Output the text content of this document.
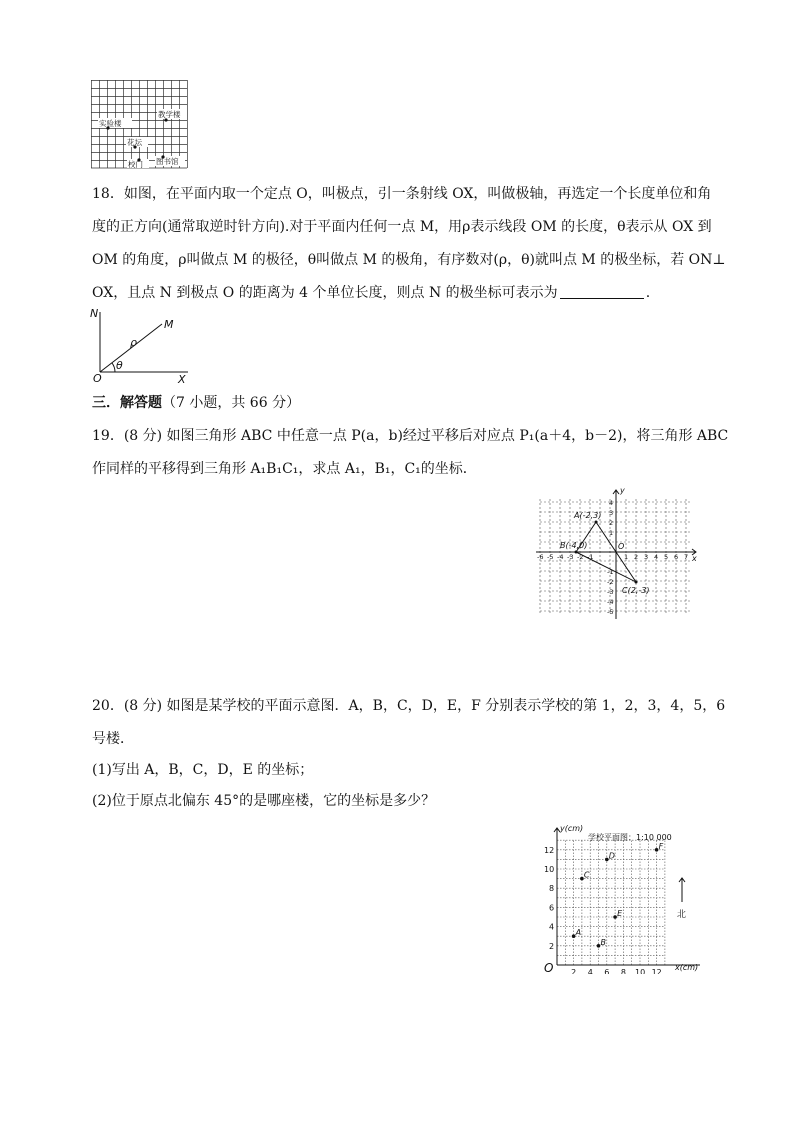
实验楼
教学楼
花坛
校门 图书馆
18．如图，在平面内取一个定点 O，叫极点，引一条射线 OX，叫做极轴，再选定一个长度单位和角
度的正方向(通常取逆时针方向).对于平面内任何一点 M，用ρ表示线段 OM 的长度，θ表示从 OX 到
OM 的角度，ρ叫做点 M 的极径，θ叫做点 M 的极角，有序数对(ρ，θ)就叫点 M 的极坐标，若 ON⊥
OX，且点 N 到极点 O 的距离为 4 个单位长度，则点 N 的极坐标可表示为	.
N
M
O	X
ρ
θ
三．解答题（7 小题，共 66 分）
19．(8 分) 如图三角形 ABC 中任意一点 P(a，b)经过平移后对应点 P₁(a＋4，b－2)，将三角形 ABC
作同样的平移得到三角形 A₁B₁C₁，求点 A₁，B₁，C₁的坐标．
-6 -5 -4 -3 -2 -1	1 2 3 4 5 6 7
4
3
2
1
-1
-2
-3
-4
-5
A(-2,3)
B(-4,0)
C(2,-3)
O
x
y
20．(8 分) 如图是某学校的平面示意图．A，B，C，D，E，F 分别表示学校的第 1，2，3，4，5，6
号楼．
(1)写出 A，B，C，D，E 的坐标；
(2)位于原点北偏东 45°的是哪座楼，它的坐标是多少？
2
2
4
4
6
6
8
8
10
10
12
12
A
B
C
D
E
F
y(cm)
x(cm)
学校平面图：1:10 000
北
O
